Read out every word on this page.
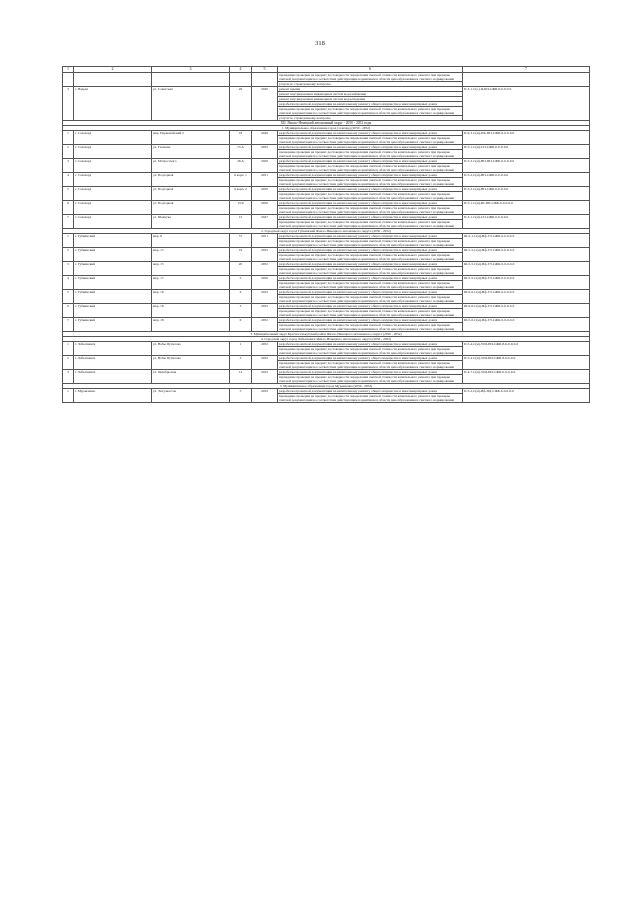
318
1	2	3	4	5	6	7
					проведение проверки на предмет достоверности определения сметной стоимости капитального ремонта при проверке сметной документации на соответствие действующим нормативам в области ценообразования и сметного нормирования	
					услуги по строительному контролю	
3	г. Надым	ул. Советская	29	2020	ремонт крыши	П-3-1-С(г.)-Я-КП-СЖБ-0-0-0-0-0
					ремонт внутридомовых инженерных систем водоснабжения	
					ремонт внутридомовых инженерных систем водоотведения	
					разработка проектной документации на капитальному ремонту общего имущества в многоквартирных домах	
					проведение проверки на предмет достоверности определения сметной стоимости капитального ремонта при проверке сметной документации на соответствие действующим нормативам в области ценообразования и сметного нормирования	
					услуги по строительному контролю	
ХII. Ямало-Ненецкий автономный округ - 2050 - 2052 годы						
1. Муниципальное образование город Салехард (2050 - 2052)						
1	г. Салехард	мкр. Первомайский 2	18	2049	разработка проектной документации на капитальному ремонту общего имущества в многоквартирных домах	П-9-3-С(м)-ПК-ПП-СЖБ-0-0-0-0-0
					проведение проверки на предмет достоверности определения сметной стоимости капитального ремонта при проверке сметной документации на соответствие действующим нормативам в области ценообразования и сметного нормирования	
2	г. Салехард	ул. Глазкова	15 А	2052	разработка проектной документации на капитальному ремонту общего имущества в многоквартирных домах	П-5-1-С(м)-СП-СЖБ-0-0-0-0-0
					проведение проверки на предмет достоверности определения сметной стоимости капитального ремонта при проверке сметной документации на соответствие действующим нормативам в области ценообразования и сметного нормирования	
3	г. Салехард	ул. Матросского	26 А	2050	разработка проектной документации на капитальному ремонту общего имущества в многоквартирных домах	П-5-3-С(м)-ВП-ПП-СЖБ-0-0-0-0-0
					проведение проверки на предмет достоверности определения сметной стоимости капитального ремонта при проверке сметной документации на соответствие действующим нормативам в области ценообразования и сметного нормирования	
4	г. Салехард	ул. Подгорная	6 корп. 1	2051	разработка проектной документации на капитальному ремонту общего имущества в многоквартирных домах	П-5-2-С(м)-ВП-СЖБ-0-0-0-0-0
					проведение проверки на предмет достоверности определения сметной стоимости капитального ремонта при проверке сметной документации на соответствие действующим нормативам в области ценообразования и сметного нормирования	
5	г. Салехард	ул. Подгорная	6 корп. 2	2050	разработка проектной документации на капитальному ремонту общего имущества в многоквартирных домах	П-5-2-С(м)-ВП-СЖБ-0-0-0-0-0
					проведение проверки на предмет достоверности определения сметной стоимости капитального ремонта при проверке сметной документации на соответствие действующим нормативам в области ценообразования и сметного нормирования	
6	г. Салехард	ул. Подгорная	15/9	2050	разработка проектной документации на капитальному ремонту общего имущества в многоквартирных домах	П-5-1-С(м)-Ш-ПП-СЖБ-0-0-0-0-0
					проведение проверки на предмет достоверности определения сметной стоимости капитального ремонта при проверке сметной документации на соответствие действующим нормативам в области ценообразования и сметного нормирования	
7	г. Салехард	ул. Шевчука	15	2047	разработка проектной документации на капитальному ремонту общего имущества в многоквартирных домах	П-3-1-С(м)-СП-СЖБ-0-0-0-0-0
					проведение проверки на предмет достоверности определения сметной стоимости капитального ремонта при проверке сметной документации на соответствие действующим нормативам в области ценообразования и сметного нормирования	
2. Городской округ город Губкинский Ямало-Ненецкого автономного округа (2050 - 2052)						
1	г. Губкинский	мкр. 9	37	2051	разработка проектной документации на капитальному ремонту общего имущества в многоквартирных домах	Ш-5-1-С(м)-Вф-ГЭ-СЖБ-0-0-0-0-0
					проведение проверки на предмет достоверности определения сметной стоимости капитального ремонта при проверке сметной документации на соответствие действующим нормативам в области ценообразования и сметного нормирования	
2	г. Губкинский	мкр. 15	19	2052	разработка проектной документации на капитальному ремонту общего имущества в многоквартирных домах	Ш-5-2-С(м)-Вф-ГЭ-СЖБ-0-0-0-0-0
					проведение проверки на предмет достоверности определения сметной стоимости капитального ремонта при проверке сметной документации на соответствие действующим нормативам в области ценообразования и сметного нормирования	
3	г. Губкинский	мкр. 15	20	2052	разработка проектной документации на капитальному ремонту общего имущества в многоквартирных домах	Ш-5-5-С(м)-Вф-ГЭ-СЖБ-0-0-0-0-0
					проведение проверки на предмет достоверности определения сметной стоимости капитального ремонта при проверке сметной документации на соответствие действующим нормативам в области ценообразования и сметного нормирования	
4	г. Губкинский	мкр. 17	5	2050	разработка проектной документации на капитальному ремонту общего имущества в многоквартирных домах	Ш-5-5-С(м)-Вф-ГЭ-СЖБ-0-0-0-0-0
					проведение проверки на предмет достоверности определения сметной стоимости капитального ремонта при проверке сметной документации на соответствие действующим нормативам в области ценообразования и сметного нормирования	
5	г. Губкинский	мкр. 16	4	2052	разработка проектной документации на капитальному ремонту общего имущества в многоквартирных домах	Ш-9-6-С(м)-Вф-ГЭ-СЖБ-0-0-0-0-0
					проведение проверки на предмет достоверности определения сметной стоимости капитального ремонта при проверке сметной документации на соответствие действующим нормативам в области ценообразования и сметного нормирования	
6	г. Губкинский	мкр. 18	3	2052	разработка проектной документации на капитальному ремонту общего имущества в многоквартирных домах	Ш-9-6-С(м)-Вф-ГЭ-СЖБ-0-0-0-0-0
					проведение проверки на предмет достоверности определения сметной стоимости капитального ремонта при проверке сметной документации на соответствие действующим нормативам в области ценообразования и сметного нормирования	
7	г. Губкинский	мкр. 18	6	2052	разработка проектной документации на капитальному ремонту общего имущества в многоквартирных домах	Ш-5-6-С(м)-Вф-ГЭ-СЖБ-0-0-0-0-0
					проведение проверки на предмет достоверности определения сметной стоимости капитального ремонта при проверке сметной документации на соответствие действующим нормативам в области ценообразования и сметного нормирования	
3. Муниципальный округ Красноселькупский район Ямало-Ненецкого автономного округа (2050 - 2052)						
4. Городской округ город Лабытнанги Ямало-Ненецкого автономного округа (2050 - 2052)						
1	г. Лабытнанги	ул. Набы Путилова	1	2052	разработка проектной документации на капитальному ремонту общего имущества в многоквартирных домах	П-5-4-С(м)-УШ-ПП-СЖБ-8-6-0-0-0-0
					проведение проверки на предмет достоверности определения сметной стоимости капитального ремонта при проверке сметной документации на соответствие действующим нормативам в области ценообразования и сметного нормирования	
2	г. Лабытнанги	ул. Набы Путилова	3	2052	разработка проектной документации на капитальному ремонту общего имущества в многоквартирных домах	П-5-4-С(м)-УШ-ПП-СЖБ-8-6-0-0-0
					проведение проверки на предмет достоверности определения сметной стоимости капитального ремонта при проверке сметной документации на соответствие действующим нормативам в области ценообразования и сметного нормирования	
3	г. Лабытнанги	ул. Октябрьская	14	2052	разработка проектной документации на капитальному ремонту общего имущества в многоквартирных домах	П-4-7-С(м)-УШ-ПП-СЖБ-0-0-0-0-0
					проведение проверки на предмет достоверности определения сметной стоимости капитального ремонта при проверке сметной документации на соответствие действующим нормативам в области ценообразования и сметного нормирования	
5. Муниципальное образование город Муравленко (2050 - 2052)						
1	г. Муравленко	ул. Энтузиастов	5	2052	разработка проектной документации на капитальному ремонту общего имущества в многоквартирных домах	П-5-2-С(м)-Вф-ПД-СЖБ-0-0-0-0-0
					проведение проверки на предмет достоверности определения сметной стоимости капитального ремонта при проверке сметной документации на соответствие действующим нормативам в области ценообразования и сметного нормирования	
